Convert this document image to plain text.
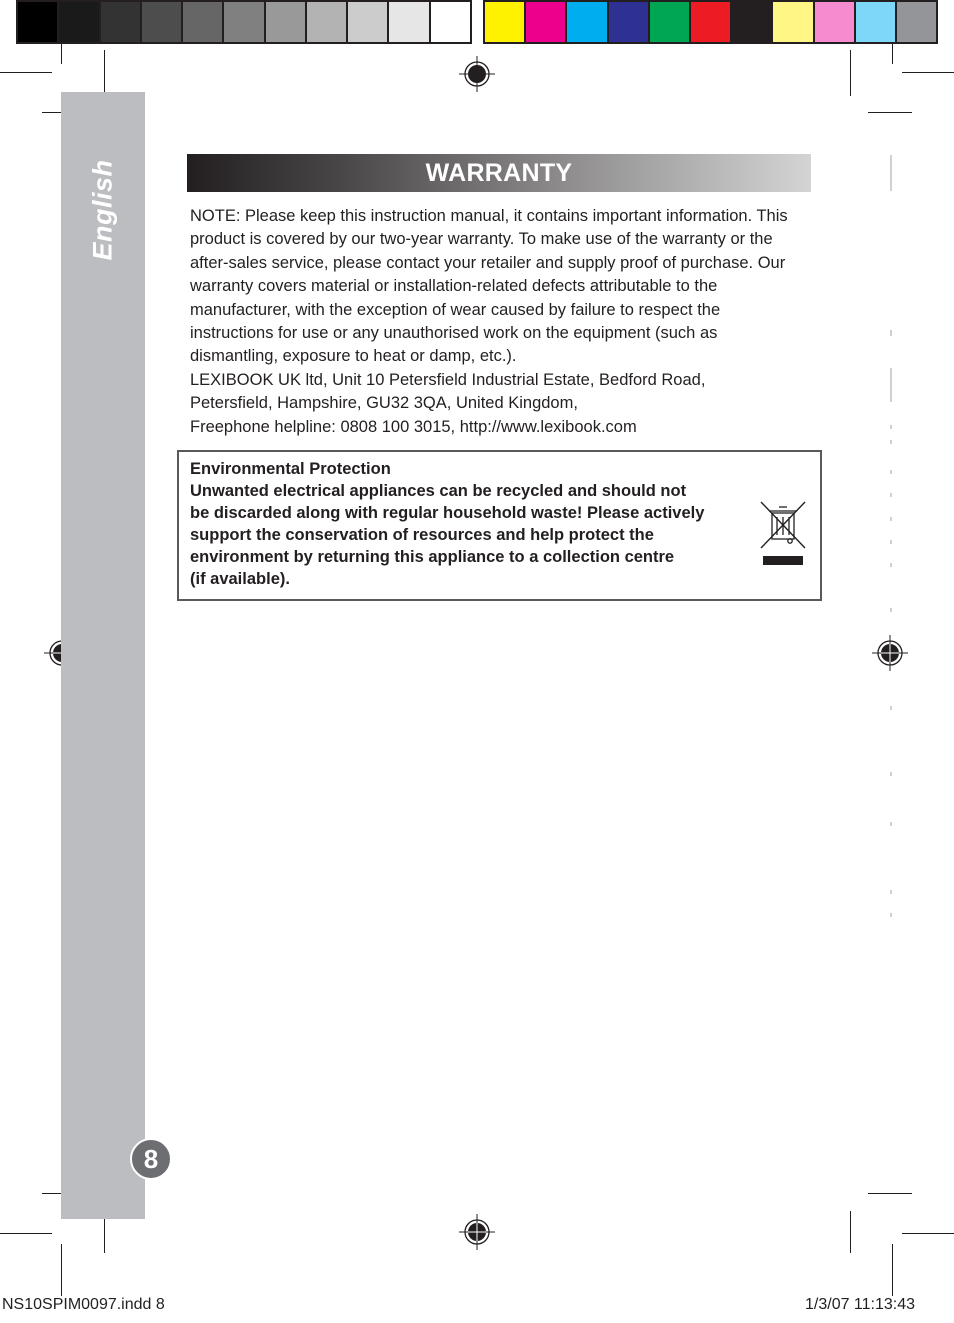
English
8
WARRANTY
NOTE: Please keep this instruction manual, it contains important information. This
product is covered by our two-year warranty. To make use of the warranty or the
after-sales service, please contact your retailer and supply proof of purchase. Our
warranty covers material or installation-related defects attributable to the
manufacturer, with the exception of wear caused by failure to respect the
instructions for use or any unauthorised work on the equipment (such as
dismantling, exposure to heat or damp, etc.).
LEXIBOOK UK ltd, Unit 10 Petersfield Industrial Estate, Bedford Road,
Petersfield, Hampshire, GU32 3QA, United Kingdom,
Freephone helpline: 0808 100 3015, http://www.lexibook.com
Environmental Protection
Unwanted electrical appliances can be recycled and should not
be discarded along with regular household waste! Please actively
support the conservation of resources and help protect the
environment by returning this appliance to a collection centre
(if available).
NS10SPIM0097.indd 8	1/3/07 11:13:43
